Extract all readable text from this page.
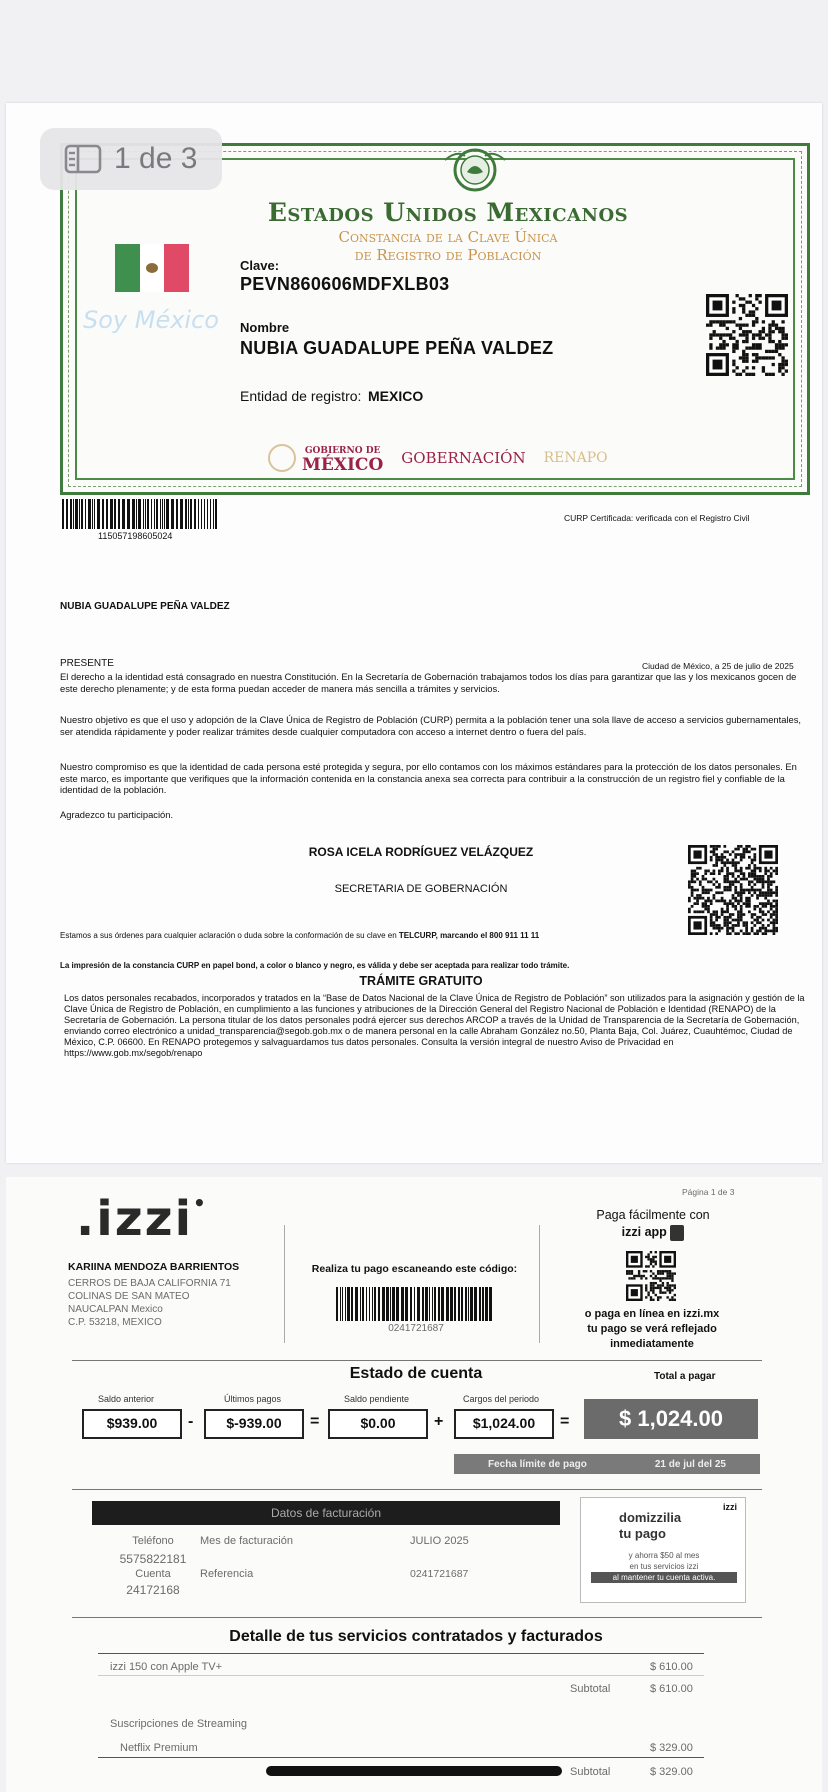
Estados Unidos Mexicanos
Constancia de la Clave Única
de Registro de Población
Soy México
Clave:
PEVN860606MDFXLB03
Nombre
NUBIA GUADALUPE PEÑA VALDEZ
Entidad de registro: MEXICO
GOBIERNO DE
MÉXICO GOBERNACIÓN RENAPO
115057198605024
CURP Certificada: verificada con el Registro Civil
NUBIA GUADALUPE PEÑA VALDEZ
PRESENTE	Ciudad de México, a 25 de julio de 2025
El derecho a la identidad está consagrado en nuestra Constitución. En la Secretaría de Gobernación trabajamos todos los días para garantizar que las y los mexicanos gocen de este derecho plenamente; y de esta forma puedan acceder de manera más sencilla a trámites y servicios.
Nuestro objetivo es que el uso y adopción de la Clave Única de Registro de Población (CURP) permita a la población tener una sola llave de acceso a servicios gubernamentales, ser atendida rápidamente y poder realizar trámites desde cualquier computadora con acceso a internet dentro o fuera del país.
Nuestro compromiso es que la identidad de cada persona esté protegida y segura, por ello contamos con los máximos estándares para la protección de los datos personales. En este marco, es importante que verifiques que la información contenida en la constancia anexa sea correcta para contribuir a la construcción de un registro fiel y confiable de la identidad de la población.
Agradezco tu participación.
ROSA ICELA RODRÍGUEZ VELÁZQUEZ
SECRETARIA DE GOBERNACIÓN
Estamos a sus órdenes para cualquier aclaración o duda sobre la conformación de su clave en TELCURP, marcando el 800 911 11 11
La impresión de la constancia CURP en papel bond, a color o blanco y negro, es válida y debe ser aceptada para realizar todo trámite.
TRÁMITE GRATUITO
Los datos personales recabados, incorporados y tratados en la “Base de Datos Nacional de la Clave Única de Registro de Población” son utilizados para la asignación y gestión de la Clave Única de Registro de Población, en cumplimiento a las funciones y atribuciones de la Dirección General del Registro Nacional de Población e Identidad (RENAPO) de la Secretaría de Gobernación. La persona titular de los datos personales podrá ejercer sus derechos ARCOP a través de la Unidad de Transparencia de la Secretaría de Gobernación, enviando correo electrónico a unidad_transparencia@segob.gob.mx o de manera personal en la calle Abraham González no.50, Planta Baja, Col. Juárez, Cuauhtémoc, Ciudad de México, C.P. 06600. En RENAPO protegemos y salvaguardamos tus datos personales. Consulta la versión integral de nuestro Aviso de Privacidad en https://www.gob.mx/segob/renapo
1 de 3
Página 1 de 3
.izzi•
KARIINA MENDOZA BARRIENTOS
CERROS DE BAJA CALIFORNIA 71
COLINAS DE SAN MATEO
NAUCALPAN Mexico
C.P. 53218, MEXICO
Realiza tu pago escaneando este código:
0241721687
Paga fácilmente con
izzi app
o paga en línea en izzi.mx
tu pago se verá reflejado
inmediatamente
Estado de cuenta	Total a pagar
Saldo anterior	Últimos pagos	Saldo pendiente	Cargos del periodo
$939.00	-	$-939.00	=	$0.00	+	$1,024.00	=	$ 1,024.00
Fecha límite de pago	21 de jul del 25
Datos de facturación
Teléfono
5575822181
Cuenta
24172168
Mes de facturación	JULIO 2025
Referencia	0241721687
izzi
domizzilia
tu pago
y ahorra $50 al mes
en tus servicios izzi
al mantener tu cuenta activa.
Detalle de tus servicios contratados y facturados
izzi 150 con Apple TV+	$ 610.00
Subtotal	$ 610.00
Suscripciones de Streaming
Netflix Premium	$ 329.00
Subtotal	$ 329.00
